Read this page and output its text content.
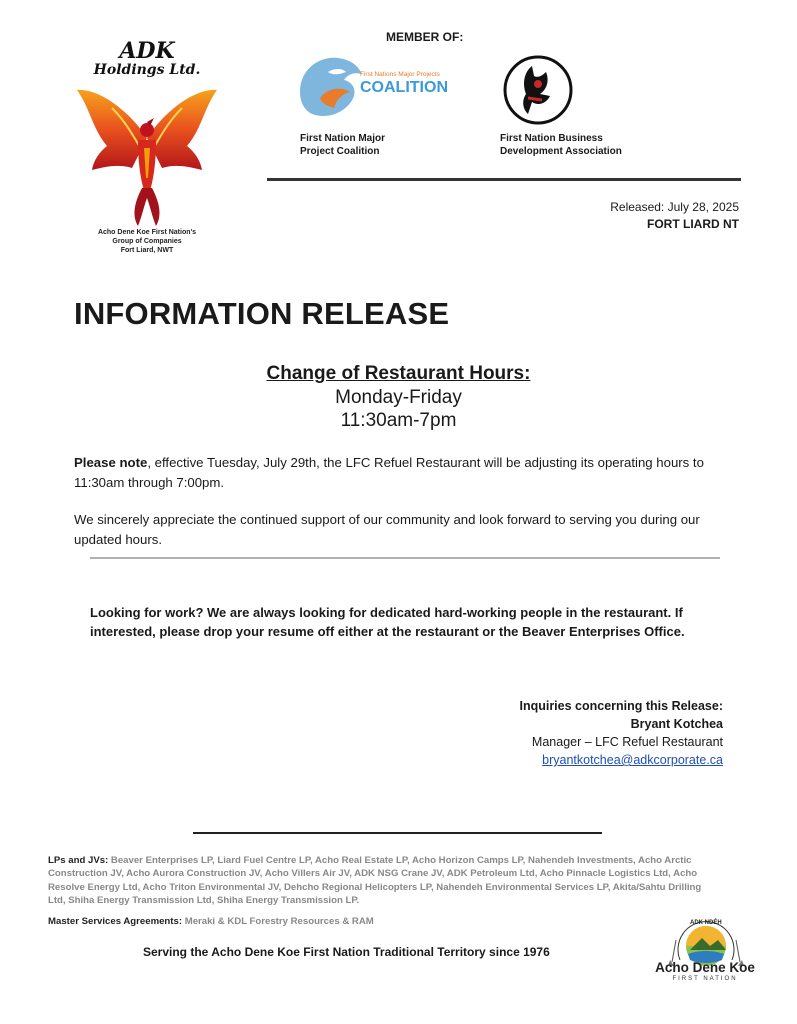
ADK
Holdings Ltd.
Acho Dene Koe First Nation's
Group of Companies
Fort Liard, NWT
MEMBER OF:
First Nations Major Projects
COALITION
First Nation Major
Project Coalition
First Nation Business
Development Association
Released: July 28, 2025
FORT LIARD NT
INFORMATION RELEASE
Change of Restaurant Hours:
Monday-Friday
11:30am-7pm
Please note, effective Tuesday, July 29th, the LFC Refuel Restaurant will be adjusting its operating hours to 11:30am through 7:00pm.
We sincerely appreciate the continued support of our community and look forward to serving you during our updated hours.
Looking for work? We are always looking for dedicated hard-working people in the restaurant. If interested, please drop your resume off either at the restaurant or the Beaver Enterprises Office.
Inquiries concerning this Release:
Bryant Kotchea
Manager – LFC Refuel Restaurant
bryantkotchea@adkcorporate.ca
LPs and JVs: Beaver Enterprises LP, Liard Fuel Centre LP, Acho Real Estate LP, Acho Horizon Camps LP, Nahendeh Investments, Acho Arctic Construction JV, Acho Aurora Construction JV, Acho Villers Air JV, ADK NSG Crane JV, ADK Petroleum Ltd, Acho Pinnacle Logistics Ltd, Acho Resolve Energy Ltd, Acho Triton Environmental JV, Dehcho Regional Helicopters LP, Nahendeh Environmental Services LP, Akita/Sahtu Drilling Ltd, Shiha Energy Transmission Ltd, Shiha Energy Transmission LP.
Master Services Agreements: Meraki & KDL Forestry Resources & RAM
Serving the Acho Dene Koe First Nation Traditional Territory since 1976
ADK NDÉH
Acho Dene Koe
FIRST NATION
